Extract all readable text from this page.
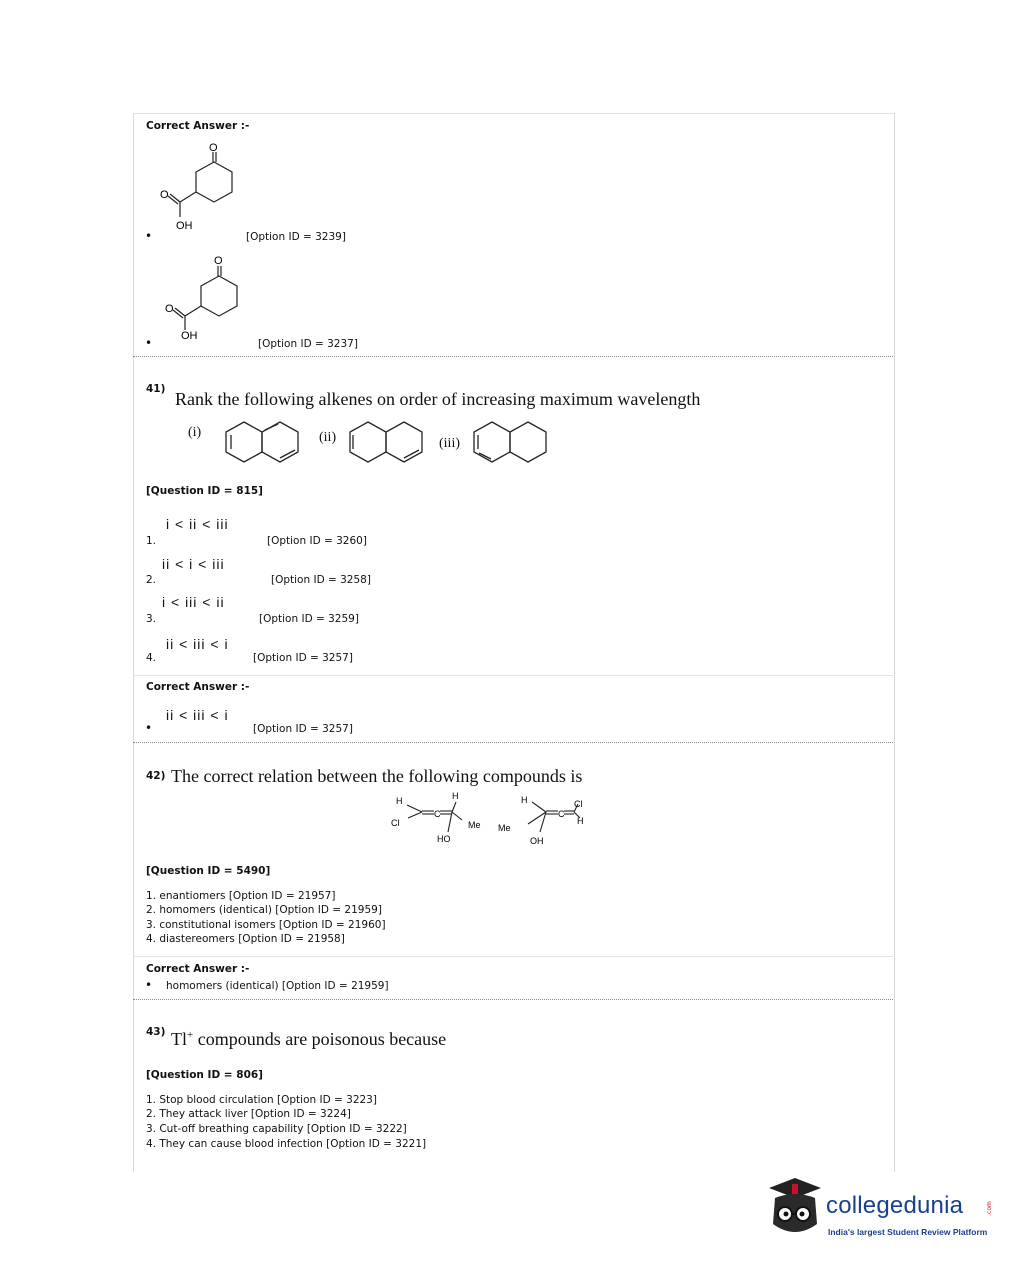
Correct Answer :-
O
O
OH
•	[Option ID = 3239]
O
O
OH
•	[Option ID = 3237]
41) Rank the following alkenes on order of increasing maximum wavelength
(i)	(ii)	(iii)
[Question ID = 815]
i < ii < iii
1.	[Option ID = 3260]
ii < i < iii
2.	[Option ID = 3258]
i < iii < ii
3.	[Option ID = 3259]
ii < iii < i
4.	[Option ID = 3257]
Correct Answer :-
ii < iii < i
•	[Option ID = 3257]
42) The correct relation between the following compounds is
H
Cl
C
H
Me
HO
H
Me
C
Cl
H
OH
[Question ID = 5490]
1. enantiomers [Option ID = 21957]
2. homomers (identical) [Option ID = 21959]
3. constitutional isomers [Option ID = 21960]
4. diastereomers [Option ID = 21958]
Correct Answer :-
• homomers (identical) [Option ID = 21959]
43) Tl+ compounds are poisonous because
[Question ID = 806]
1. Stop blood circulation [Option ID = 3223]
2. They attack liver [Option ID = 3224]
3. Cut-off breathing capability [Option ID = 3222]
4. They can cause blood infection [Option ID = 3221]
collegedunia	.com
India's largest Student Review Platform
